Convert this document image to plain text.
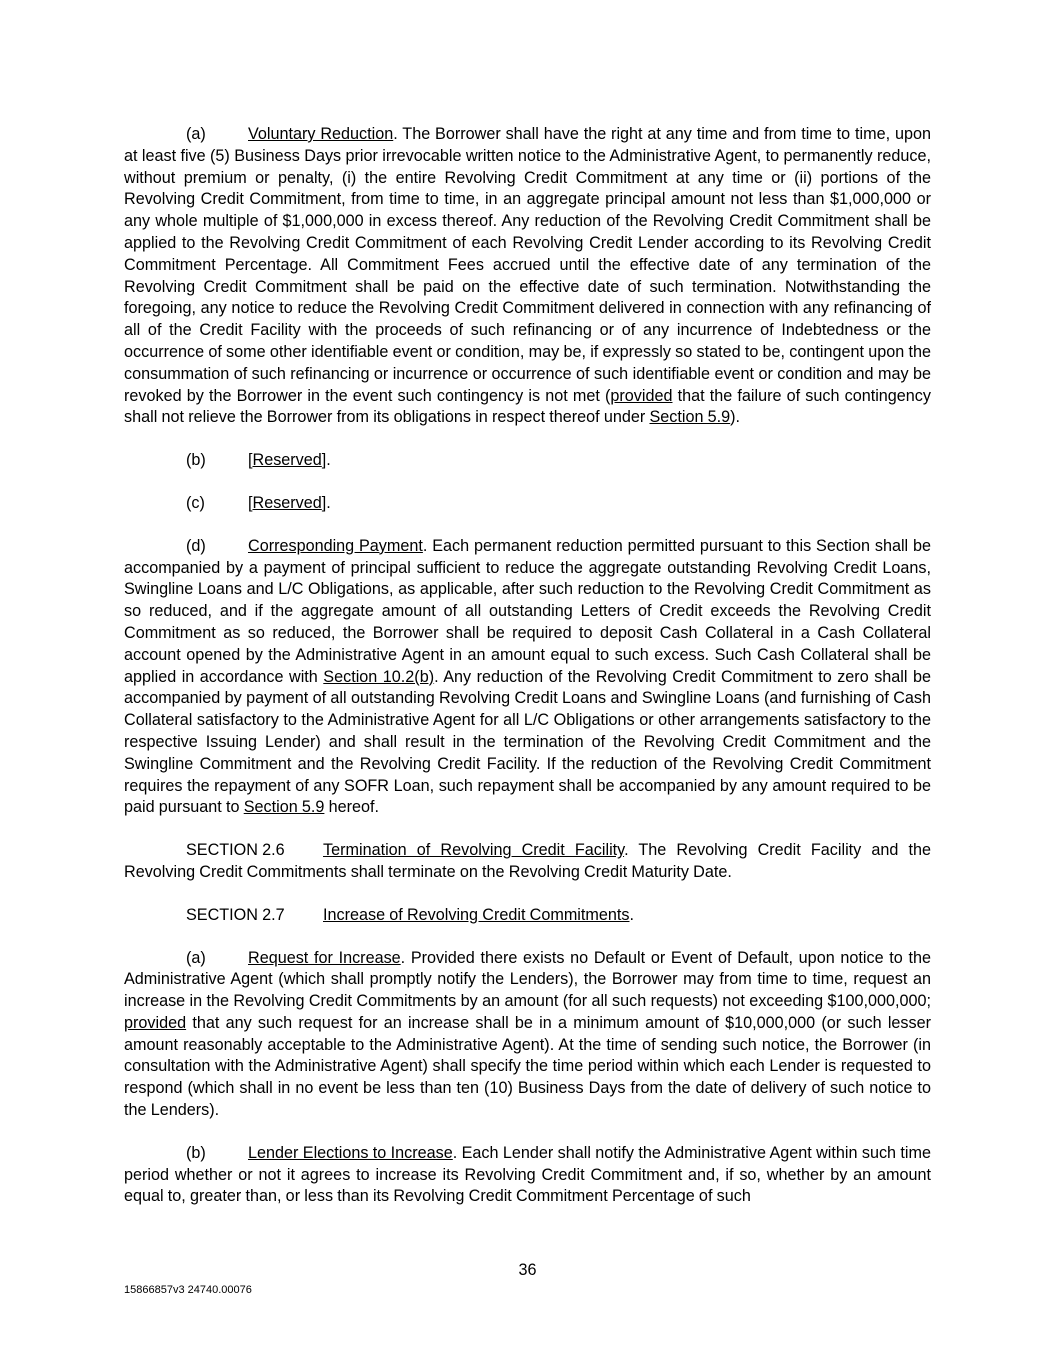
(a)	Voluntary Reduction. The Borrower shall have the right at any time and from time to time, upon at least five (5) Business Days prior irrevocable written notice to the Administrative Agent, to permanently reduce, without premium or penalty, (i) the entire Revolving Credit Commitment at any time or (ii) portions of the Revolving Credit Commitment, from time to time, in an aggregate principal amount not less than $1,000,000 or any whole multiple of $1,000,000 in excess thereof. Any reduction of the Revolving Credit Commitment shall be applied to the Revolving Credit Commitment of each Revolving Credit Lender according to its Revolving Credit Commitment Percentage. All Commitment Fees accrued until the effective date of any termination of the Revolving Credit Commitment shall be paid on the effective date of such termination. Notwithstanding the foregoing, any notice to reduce the Revolving Credit Commitment delivered in connection with any refinancing of all of the Credit Facility with the proceeds of such refinancing or of any incurrence of Indebtedness or the occurrence of some other identifiable event or condition, may be, if expressly so stated to be, contingent upon the consummation of such refinancing or incurrence or occurrence of such identifiable event or condition and may be revoked by the Borrower in the event such contingency is not met (provided that the failure of such contingency shall not relieve the Borrower from its obligations in respect thereof under Section 5.9).

(b)	[Reserved].

(c)	[Reserved].

(d)	Corresponding Payment. Each permanent reduction permitted pursuant to this Section shall be accompanied by a payment of principal sufficient to reduce the aggregate outstanding Revolving Credit Loans, Swingline Loans and L/C Obligations, as applicable, after such reduction to the Revolving Credit Commitment as so reduced, and if the aggregate amount of all outstanding Letters of Credit exceeds the Revolving Credit Commitment as so reduced, the Borrower shall be required to deposit Cash Collateral in a Cash Collateral account opened by the Administrative Agent in an amount equal to such excess. Such Cash Collateral shall be applied in accordance with Section 10.2(b). Any reduction of the Revolving Credit Commitment to zero shall be accompanied by payment of all outstanding Revolving Credit Loans and Swingline Loans (and furnishing of Cash Collateral satisfactory to the Administrative Agent for all L/C Obligations or other arrangements satisfactory to the respective Issuing Lender) and shall result in the termination of the Revolving Credit Commitment and the Swingline Commitment and the Revolving Credit Facility. If the reduction of the Revolving Credit Commitment requires the repayment of any SOFR Loan, such repayment shall be accompanied by any amount required to be paid pursuant to Section 5.9 hereof.

SECTION 2.6 Termination of Revolving Credit Facility. The Revolving Credit Facility and the Revolving Credit Commitments shall terminate on the Revolving Credit Maturity Date.

SECTION 2.7 Increase of Revolving Credit Commitments.

(a)	Request for Increase. Provided there exists no Default or Event of Default, upon notice to the Administrative Agent (which shall promptly notify the Lenders), the Borrower may from time to time, request an increase in the Revolving Credit Commitments by an amount (for all such requests) not exceeding $100,000,000; provided that any such request for an increase shall be in a minimum amount of $10,000,000 (or such lesser amount reasonably acceptable to the Administrative Agent). At the time of sending such notice, the Borrower (in consultation with the Administrative Agent) shall specify the time period within which each Lender is requested to respond (which shall in no event be less than ten (10) Business Days from the date of delivery of such notice to the Lenders).

(b)	Lender Elections to Increase. Each Lender shall notify the Administrative Agent within such time period whether or not it agrees to increase its Revolving Credit Commitment and, if so, whether by an amount equal to, greater than, or less than its Revolving Credit Commitment Percentage of such

36
15866857v3 24740.00076
